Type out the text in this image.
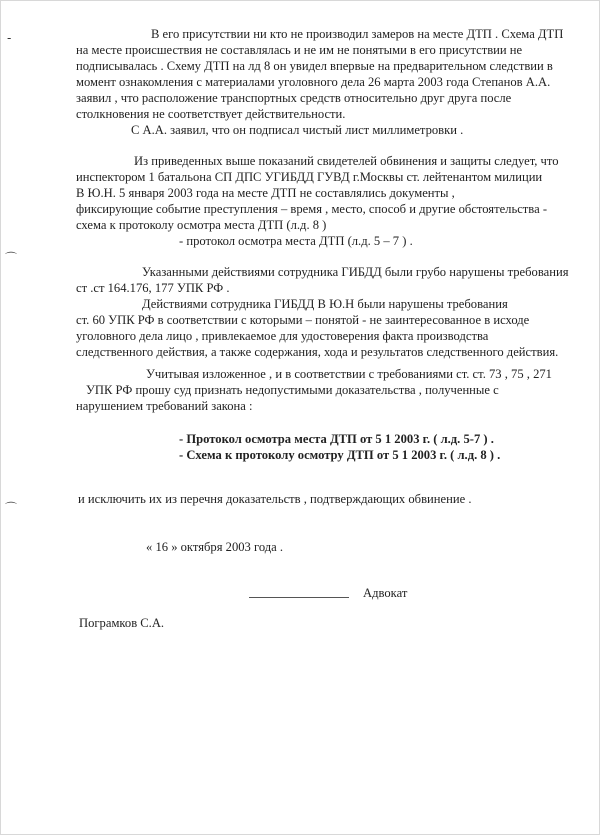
-
⌒
⌒
В его присутствии ни кто не производил замеров на месте ДТП . Схема ДТП
на месте происшествия не составлялась и не им не понятыми в его присутствии не
подписывалась . Схему ДТП на лд 8 он увидел впервые на предварительном следствии в
момент ознакомления с материалами уголовного дела 26 марта 2003 года Степанов А.А.
заявил , что расположение транспортных средств относительно друг друга после
столкновения не соответствует действительности.
С А.А. заявил, что он подписал чистый лист миллиметровки .
Из приведенных выше показаний свидетелей обвинения и защиты следует, что
инспектором 1 батальона СП ДПС УГИБДД ГУВД г.Москвы ст. лейтенантом милиции
В Ю.Н. 5 января 2003 года на месте ДТП не составлялись документы ,
фиксирующие событие преступления – время , место, способ и другие обстоятельства -
схема к протоколу осмотра места ДТП (л.д. 8 )
- протокол осмотра места ДТП (л.д. 5 – 7 ) .
Указанными действиями сотрудника ГИБДД были грубо нарушены требования
ст .ст 164.176, 177 УПК РФ .
Действиями сотрудника ГИБДД В Ю.Н были нарушены требования
ст. 60 УПК РФ в соответствии с которыми – понятой - не заинтересованное в исходе
уголовного дела лицо , привлекаемое для удостоверения факта производства
следственного действия, а также содержания, хода и результатов следственного действия.
Учитывая изложенное , и в соответствии с требованиями ст. ст. 73 , 75 , 271
УПК РФ прошу суд признать недопустимыми доказательства , полученные с
нарушением требований закона :
- Протокол осмотра места ДТП от 5 1 2003 г. ( л.д. 5-7 ) .
- Схема к протоколу осмотру ДТП от 5 1 2003 г. ( л.д. 8 ) .
и исключить их из перечня доказательств , подтверждающих обвинение .
« 16 » октября 2003 года .
Адвокат
Пограмков С.А.
